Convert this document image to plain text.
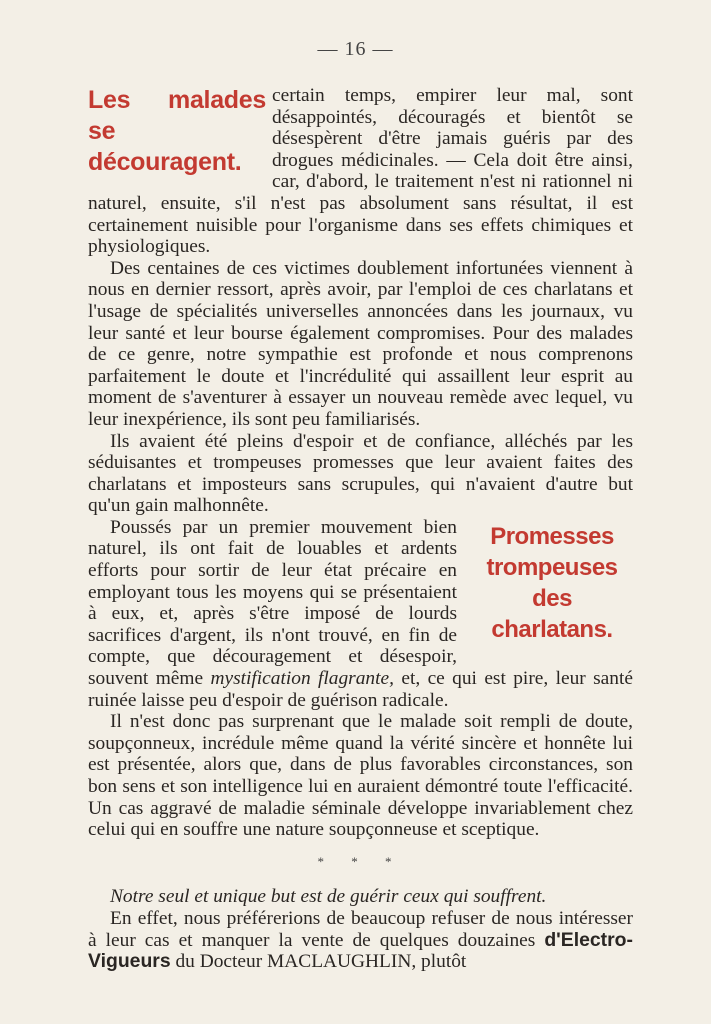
— 16 —
Les malades se
découragent.

certain temps, empirer leur mal, sont désappointés, découragés et bientôt se désespèrent d'être jamais guéris par des drogues médicinales. — Cela doit être ainsi, car, d'abord, le traitement n'est ni rationnel ni naturel, ensuite, s'il n'est pas absolument sans résultat, il est certainement nuisible pour l'organisme dans ses effets chimiques et physiologiques.

Des centaines de ces victimes doublement infortunées viennent à nous en dernier ressort, après avoir, par l'emploi de ces charlatans et l'usage de spécialités universelles annoncées dans les journaux, vu leur santé et leur bourse également compromises. Pour des malades de ce genre, notre sympathie est profonde et nous comprenons parfaitement le doute et l'incrédulité qui assaillent leur esprit au moment de s'aventurer à essayer un nouveau remède avec lequel, vu leur inexpérience, ils sont peu familiarisés.

Ils avaient été pleins d'espoir et de confiance, alléchés par les séduisantes et trompeuses promesses que leur avaient faites des charlatans et imposteurs sans scrupules, qui n'avaient d'autre but qu'un gain malhonnête.

Promesses
trompeuses
des
charlatans.

Poussés par un premier mouvement bien naturel, ils ont fait de louables et ardents efforts pour sortir de leur état précaire en employant tous les moyens qui se présentaient à eux, et, après s'être imposé de lourds sacrifices d'argent, ils n'ont trouvé, en fin de compte, que découragement et désespoir, souvent même mystification flagrante, et, ce qui est pire, leur santé ruinée laisse peu d'espoir de guérison radicale.

Il n'est donc pas surprenant que le malade soit rempli de doute, soupçonneux, incrédule même quand la vérité sincère et honnête lui est présentée, alors que, dans de plus favorables circonstances, son bon sens et son intelligence lui en auraient démontré toute l'efficacité. Un cas aggravé de maladie séminale développe invariablement chez celui qui en souffre une nature soupçonneuse et sceptique.

* * *

Notre seul et unique but est de guérir ceux qui souffrent.

En effet, nous préférerions de beaucoup refuser de nous intéresser à leur cas et manquer la vente de quelques douzaines d'Electro-Vigueurs du Docteur MACLAUGHLIN, plutôt
